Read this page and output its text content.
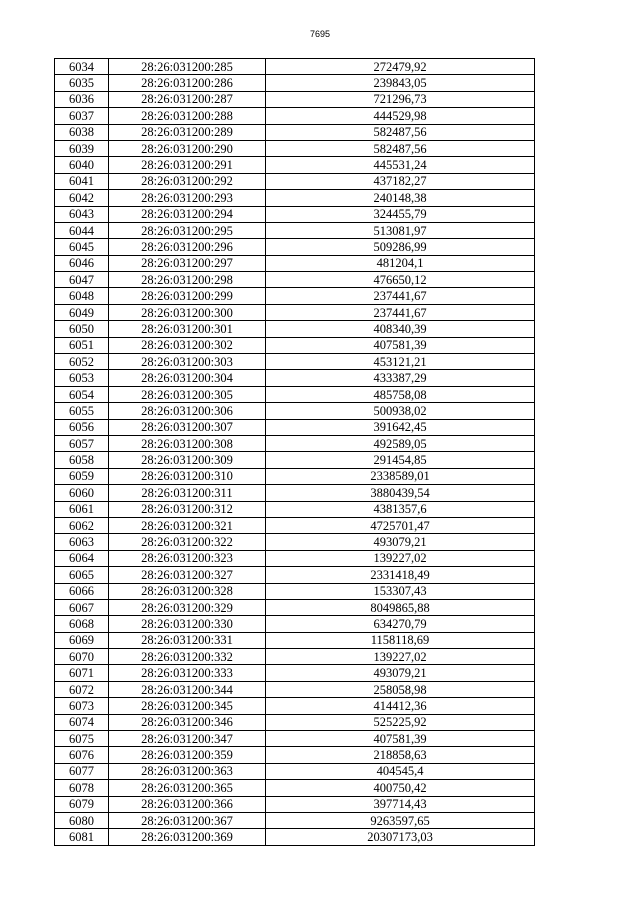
7695
6034	28:26:031200:285	272479,92
6035	28:26:031200:286	239843,05
6036	28:26:031200:287	721296,73
6037	28:26:031200:288	444529,98
6038	28:26:031200:289	582487,56
6039	28:26:031200:290	582487,56
6040	28:26:031200:291	445531,24
6041	28:26:031200:292	437182,27
6042	28:26:031200:293	240148,38
6043	28:26:031200:294	324455,79
6044	28:26:031200:295	513081,97
6045	28:26:031200:296	509286,99
6046	28:26:031200:297	481204,1
6047	28:26:031200:298	476650,12
6048	28:26:031200:299	237441,67
6049	28:26:031200:300	237441,67
6050	28:26:031200:301	408340,39
6051	28:26:031200:302	407581,39
6052	28:26:031200:303	453121,21
6053	28:26:031200:304	433387,29
6054	28:26:031200:305	485758,08
6055	28:26:031200:306	500938,02
6056	28:26:031200:307	391642,45
6057	28:26:031200:308	492589,05
6058	28:26:031200:309	291454,85
6059	28:26:031200:310	2338589,01
6060	28:26:031200:311	3880439,54
6061	28:26:031200:312	4381357,6
6062	28:26:031200:321	4725701,47
6063	28:26:031200:322	493079,21
6064	28:26:031200:323	139227,02
6065	28:26:031200:327	2331418,49
6066	28:26:031200:328	153307,43
6067	28:26:031200:329	8049865,88
6068	28:26:031200:330	634270,79
6069	28:26:031200:331	1158118,69
6070	28:26:031200:332	139227,02
6071	28:26:031200:333	493079,21
6072	28:26:031200:344	258058,98
6073	28:26:031200:345	414412,36
6074	28:26:031200:346	525225,92
6075	28:26:031200:347	407581,39
6076	28:26:031200:359	218858,63
6077	28:26:031200:363	404545,4
6078	28:26:031200:365	400750,42
6079	28:26:031200:366	397714,43
6080	28:26:031200:367	9263597,65
6081	28:26:031200:369	20307173,03
